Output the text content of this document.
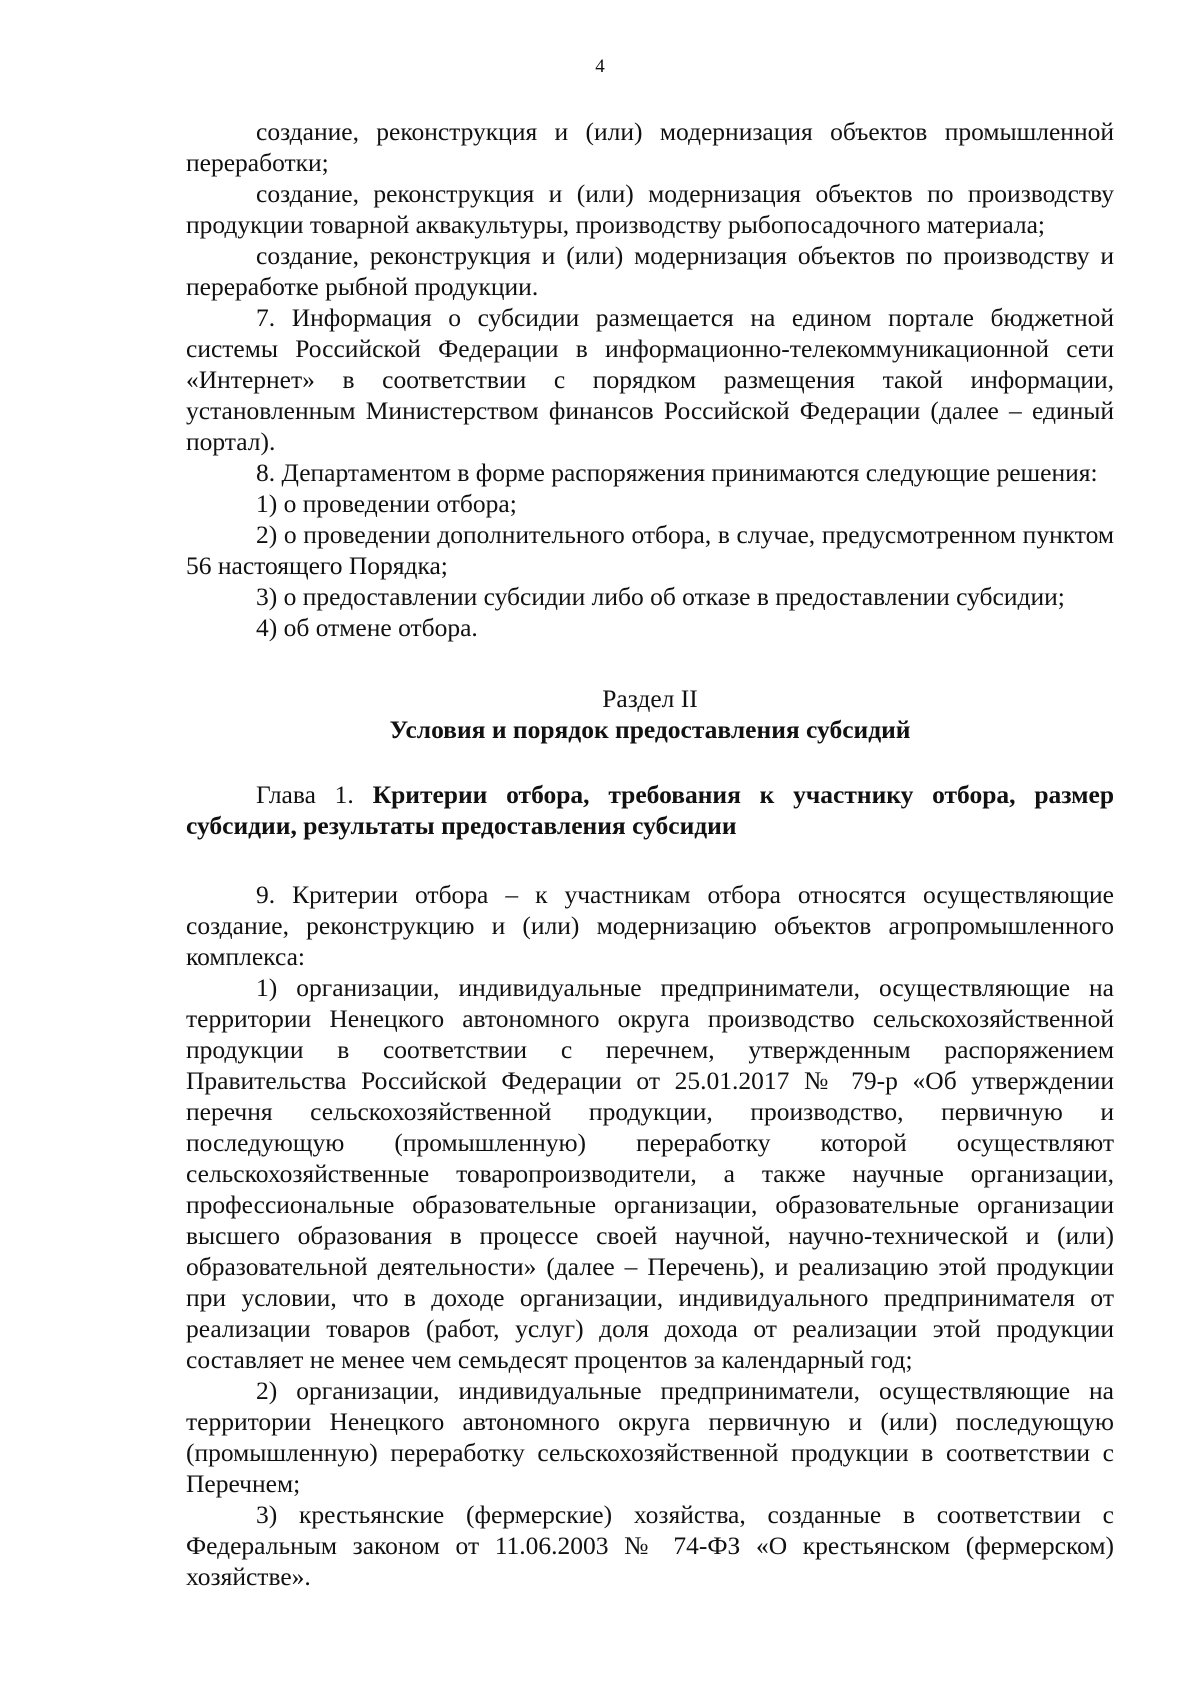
4

создание, реконструкция и (или) модернизация объектов промышленной переработки;

создание, реконструкция и (или) модернизация объектов по производству продукции товарной аквакультуры, производству рыбопосадочного материала;

создание, реконструкция и (или) модернизация объектов по производству и переработке рыбной продукции.

7. Информация о субсидии размещается на едином портале бюджетной системы Российской Федерации в информационно-телекоммуникационной сети «Интернет» в соответствии с порядком размещения такой информации, установленным Министерством финансов Российской Федерации (далее – единый портал).

8. Департаментом в форме распоряжения принимаются следующие решения:

1) о проведении отбора;

2) о проведении дополнительного отбора, в случае, предусмотренном пунктом 56 настоящего Порядка;

3) о предоставлении субсидии либо об отказе в предоставлении субсидии;

4) об отмене отбора.

Раздел II

Условия и порядок предоставления субсидий

Глава 1. Критерии отбора, требования к участнику отбора, размер субсидии, результаты предоставления субсидии

9. Критерии отбора – к участникам отбора относятся осуществляющие создание, реконструкцию и (или) модернизацию объектов агропромышленного комплекса:

1) организации, индивидуальные предприниматели, осуществляющие на территории Ненецкого автономного округа производство сельскохозяйственной продукции в соответствии с перечнем, утвержденным распоряжением Правительства Российской Федерации от 25.01.2017 № 79-р «Об утверждении перечня сельскохозяйственной продукции, производство, первичную и последующую (промышленную) переработку которой осуществляют сельскохозяйственные товаропроизводители, а также научные организации, профессиональные образовательные организации, образовательные организации высшего образования в процессе своей научной, научно-технической и (или) образовательной деятельности» (далее – Перечень), и реализацию этой продукции при условии, что в доходе организации, индивидуального предпринимателя от реализации товаров (работ, услуг) доля дохода от реализации этой продукции составляет не менее чем семьдесят процентов за календарный год;

2) организации, индивидуальные предприниматели, осуществляющие на территории Ненецкого автономного округа первичную и (или) последующую (промышленную) переработку сельскохозяйственной продукции в соответствии с Перечнем;

3) крестьянские (фермерские) хозяйства, созданные в соответствии с Федеральным законом от 11.06.2003 № 74-ФЗ «О крестьянском (фермерском) хозяйстве».
